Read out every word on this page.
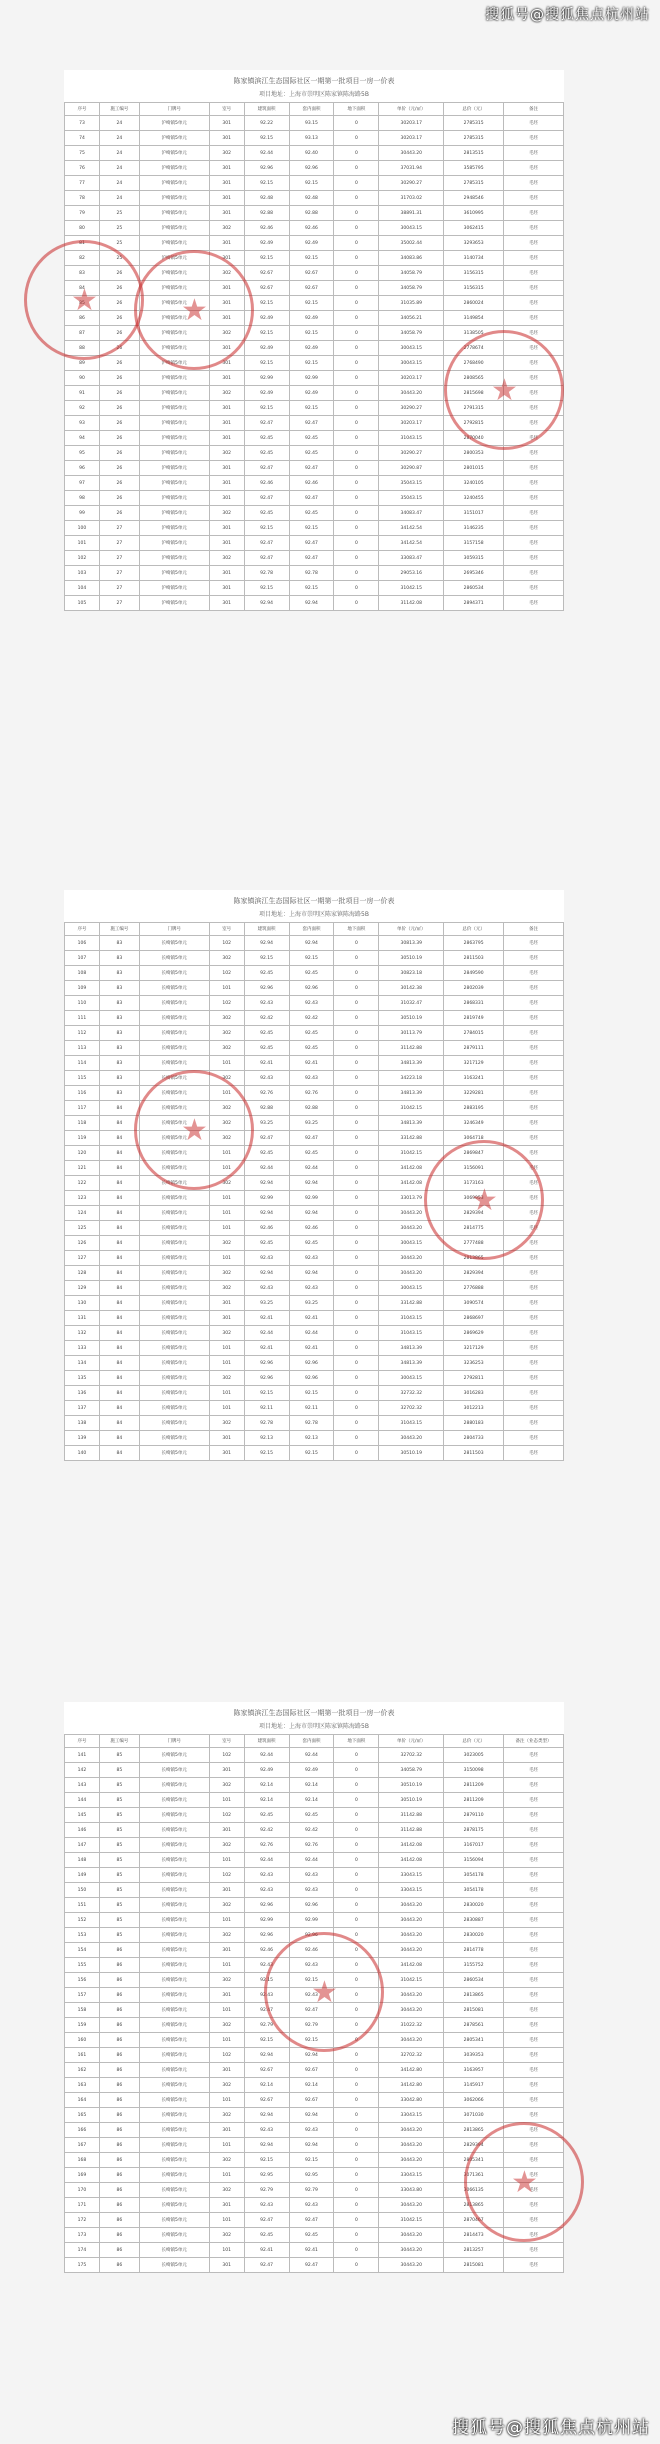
搜狐号@搜狐焦点杭州站
陈家镇滨江生态国际社区一期第一批项目一房一价表
项目地址：上海市崇明区陈家镇陈海路5B
序号	施工编号	门牌号	室号	建筑面积	套内面积	地下面积	单价（元/㎡）	总价（元）	备注
73	24	沪崎镇5单元	301	92.22	93.15	0	30203.17	2785315	毛坯
74	24	沪崎镇5单元	301	92.15	93.13	0	30203.17	2785315	毛坯
75	24	沪崎镇5单元	302	92.44	92.40	0	30443.20	2813515	毛坯
76	24	沪崎镇5单元	301	92.96	92.96	0	37031.94	3585795	毛坯
77	24	沪崎镇5单元	301	92.15	92.15	0	30290.27	2785315	毛坯
78	24	沪崎镇5单元	301	92.48	92.48	0	31703.02	2948546	毛坯
79	25	沪崎镇5单元	301	92.88	92.88	0	38891.31	3610995	毛坯
80	25	沪崎镇5单元	302	92.46	92.46	0	30043.15	3062415	毛坯
81	25	沪崎镇5单元	301	92.49	92.49	0	35002.44	3293653	毛坯
82	25	沪崎镇5单元	301	92.15	92.15	0	34083.86	3140734	毛坯
83	26	沪崎镇5单元	302	92.67	92.67	0	34058.79	3156315	毛坯
84	26	沪崎镇5单元	301	92.67	92.67	0	34058.79	3156315	毛坯
85	26	沪崎镇5单元	301	92.15	92.15	0	31035.89	2860024	毛坯
86	26	沪崎镇5单元	301	92.49	92.49	0	34056.21	3149854	毛坯
87	26	沪崎镇5单元	302	92.15	92.15	0	34058.79	3138505	毛坯
88	26	沪崎镇5单元	301	92.49	92.49	0	30043.15	2778674	毛坯
89	26	沪崎镇5单元	301	92.15	92.15	0	30043.15	2768490	毛坯
90	26	沪崎镇5单元	301	92.99	92.99	0	30203.17	2808565	毛坯
91	26	沪崎镇5单元	302	92.49	92.49	0	30443.20	2815698	毛坯
92	26	沪崎镇5单元	301	92.15	92.15	0	30290.27	2791315	毛坯
93	26	沪崎镇5单元	301	92.47	92.47	0	30203.17	2792815	毛坯
94	26	沪崎镇5单元	301	92.45	92.45	0	31043.15	2870040	毛坯
95	26	沪崎镇5单元	302	92.45	92.45	0	30290.27	2800353	毛坯
96	26	沪崎镇5单元	301	92.47	92.47	0	30290.87	2801015	毛坯
97	26	沪崎镇5单元	301	92.46	92.46	0	35043.15	3240105	毛坯
98	26	沪崎镇5单元	301	92.47	92.47	0	35043.15	3240455	毛坯
99	26	沪崎镇5单元	302	92.45	92.45	0	34083.47	3151017	毛坯
100	27	沪崎镇5单元	301	92.15	92.15	0	34142.54	3146235	毛坯
101	27	沪崎镇5单元	301	92.47	92.47	0	34142.54	3157158	毛坯
102	27	沪崎镇5单元	302	92.47	92.47	0	33083.47	3059315	毛坯
103	27	沪崎镇5单元	301	92.78	92.78	0	29053.16	2695346	毛坯
104	27	沪崎镇5单元	301	92.15	92.15	0	31042.15	2860534	毛坯
105	27	沪崎镇5单元	301	92.94	92.94	0	31142.08	2894371	毛坯
★
★
★
陈家镇滨江生态国际社区一期第一批项目一房一价表
项目地址：上海市崇明区陈家镇陈海路5B
序号	施工编号	门牌号	室号	建筑面积	套内面积	地下面积	单价（元/㎡）	总价（元）	备注
106	83	长崎镇5单元	102	92.94	92.94	0	30813.39	2863795	毛坯
107	83	长崎镇5单元	302	92.15	92.15	0	30510.19	2811503	毛坯
108	83	长崎镇5单元	102	92.45	92.45	0	30823.18	2849590	毛坯
109	83	长崎镇5单元	101	92.96	92.96	0	30142.38	2802039	毛坯
110	83	长崎镇5单元	102	92.43	92.43	0	31032.47	2868331	毛坯
111	83	长崎镇5单元	302	92.42	92.42	0	30510.19	2819749	毛坯
112	83	长崎镇5单元	302	92.45	92.45	0	30113.79	2784015	毛坯
113	83	长崎镇5单元	302	92.45	92.45	0	31142.88	2879111	毛坯
114	83	长崎镇5单元	101	92.41	92.41	0	34813.39	3217129	毛坯
115	83	长崎镇5单元	302	92.43	92.43	0	34223.18	3163241	毛坯
116	83	长崎镇5单元	101	92.76	92.76	0	34813.39	3229281	毛坯
117	84	长崎镇5单元	302	92.88	92.88	0	31042.15	2883195	毛坯
118	84	长崎镇5单元	302	93.25	93.25	0	34813.39	3246349	毛坯
119	84	长崎镇5单元	302	92.47	92.47	0	33142.88	3064718	毛坯
120	84	长崎镇5单元	101	92.45	92.45	0	31042.15	2869847	毛坯
121	84	长崎镇5单元	101	92.44	92.44	0	34142.08	3156091	毛坯
122	84	长崎镇5单元	302	92.94	92.94	0	34142.08	3173163	毛坯
123	84	长崎镇5单元	101	92.99	92.99	0	33013.79	3069953	毛坯
124	84	长崎镇5单元	101	92.94	92.94	0	30443.20	2829394	毛坯
125	84	长崎镇5单元	101	92.46	92.46	0	30443.20	2814775	毛坯
126	84	长崎镇5单元	302	92.45	92.45	0	30043.15	2777488	毛坯
127	84	长崎镇5单元	101	92.43	92.43	0	30443.20	2813865	毛坯
128	84	长崎镇5单元	302	92.94	92.94	0	30443.20	2829394	毛坯
129	84	长崎镇5单元	302	92.43	92.43	0	30043.15	2776888	毛坯
130	84	长崎镇5单元	301	93.25	93.25	0	33142.88	3090574	毛坯
131	84	长崎镇5单元	301	92.41	92.41	0	31043.15	2868697	毛坯
132	84	长崎镇5单元	302	92.44	92.44	0	31043.15	2869629	毛坯
133	84	长崎镇5单元	101	92.41	92.41	0	34813.39	3217129	毛坯
134	84	长崎镇5单元	101	92.96	92.96	0	34813.39	3236253	毛坯
135	84	长崎镇5单元	302	92.96	92.96	0	30043.15	2792811	毛坯
136	84	长崎镇5单元	101	92.15	92.15	0	32732.32	3016283	毛坯
137	84	长崎镇5单元	101	92.11	92.11	0	32702.32	3012213	毛坯
138	84	长崎镇5单元	302	92.78	92.78	0	31043.15	2880183	毛坯
139	84	长崎镇5单元	301	92.13	92.13	0	30443.20	2804733	毛坯
140	84	长崎镇5单元	301	92.15	92.15	0	30510.19	2811503	毛坯
★
★
陈家镇滨江生态国际社区一期第一批项目一房一价表
项目地址：上海市崇明区陈家镇陈海路5B
序号	施工编号	门牌号	室号	建筑面积	套内面积	地下面积	单价（元/㎡）	总价（元）	备注（业态类型）
141	85	长崎镇5单元	102	92.44	92.44	0	32702.32	3023005	毛坯
142	85	长崎镇5单元	301	92.49	92.49	0	34058.79	3150098	毛坯
143	85	长崎镇5单元	302	92.14	92.14	0	30510.19	2811209	毛坯
144	85	长崎镇5单元	101	92.14	92.14	0	30510.19	2811209	毛坯
145	85	长崎镇5单元	102	92.45	92.45	0	31142.88	2879110	毛坯
146	85	长崎镇5单元	301	92.42	92.42	0	31142.88	2878175	毛坯
147	85	长崎镇5单元	302	92.76	92.76	0	34142.08	3167017	毛坯
148	85	长崎镇5单元	101	92.44	92.44	0	34142.08	3156094	毛坯
149	85	长崎镇5单元	102	92.43	92.43	0	33043.15	3054178	毛坯
150	85	长崎镇5单元	301	92.43	92.43	0	33043.15	3054178	毛坯
151	85	长崎镇5单元	302	92.96	92.96	0	30443.20	2830020	毛坯
152	85	长崎镇5单元	101	92.99	92.99	0	30443.20	2830887	毛坯
153	85	长崎镇5单元	302	92.96	92.96	0	30443.20	2830020	毛坯
154	86	长崎镇5单元	301	92.46	92.46	0	30443.20	2814778	毛坯
155	86	长崎镇5单元	101	92.43	92.43	0	34142.08	3155752	毛坯
156	86	长崎镇5单元	302	92.15	92.15	0	31042.15	2860534	毛坯
157	86	长崎镇5单元	301	92.43	92.43	0	30443.20	2813865	毛坯
158	86	长崎镇5单元	101	92.47	92.47	0	30443.20	2815081	毛坯
159	86	长崎镇5单元	302	92.79	92.79	0	31022.32	2878561	毛坯
160	86	长崎镇5单元	101	92.15	92.15	0	30443.20	2805341	毛坯
161	86	长崎镇5单元	102	92.94	92.94	0	32702.32	3039353	毛坯
162	86	长崎镇5单元	301	92.67	92.67	0	34142.80	3163957	毛坯
163	86	长崎镇5单元	302	92.14	92.14	0	34142.80	3145917	毛坯
164	86	长崎镇5单元	101	92.67	92.67	0	33042.80	3062066	毛坯
165	86	长崎镇5单元	302	92.94	92.94	0	33043.15	3071030	毛坯
166	86	长崎镇5单元	301	92.43	92.43	0	30443.20	2813865	毛坯
167	86	长崎镇5单元	101	92.94	92.94	0	30443.20	2829394	毛坯
168	86	长崎镇5单元	302	92.15	92.15	0	30443.20	2805341	毛坯
169	86	长崎镇5单元	101	92.95	92.95	0	33043.15	3071361	毛坯
170	86	长崎镇5单元	302	92.79	92.79	0	33043.80	3066135	毛坯
171	86	长崎镇5单元	301	92.43	92.43	0	30443.20	2813865	毛坯
172	86	长崎镇5单元	101	92.47	92.47	0	31042.15	2870467	毛坯
173	86	长崎镇5单元	302	92.45	92.45	0	30443.20	2814473	毛坯
174	86	长崎镇5单元	101	92.41	92.41	0	30443.20	2813257	毛坯
175	86	长崎镇5单元	301	92.47	92.47	0	30443.20	2815081	毛坯
★
★
搜狐号@搜狐焦点杭州站
